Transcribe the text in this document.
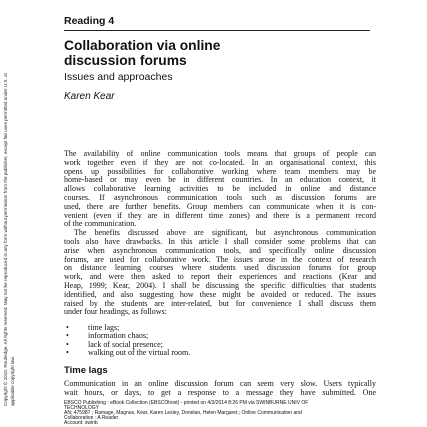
Copyright © 2010. Routledge. All rights reserved. May not be reproduced in any form without permission from the publisher, except fair uses permitted under U.S. or applicable copyright law.
Reading 4
Collaboration via online
discussion forums
Issues and approaches
Karen Kear
The availability of online communication tools means that groups of people can
work together even if they are not co-located. In an organisational context, this
opens up possibilities for collaborative working where team members may be
home-based or may even be in different countries. In an education context, it
allows collaborative learning activities to be included in online and distance
courses. If asynchronous communication tools such as discussion forums are
used, there are further benefits. Group members can communicate when it is con-
venient (even if they are in different time zones) and there is a permanent record
of the communication.
The benefits discussed above are significant, but asynchronous communication
tools also have drawbacks. In this article I shall consider some problems that can
arise when asynchronous communication tools, and specifically online discussion
forums, are used for collaborative work. The issues arose in the context of research
on distance learning courses where students used discussion forums for group
work, and were then asked to report their experiences and reactions (Kear and
Heap, 1999; Kear, 2004). I shall be discussing the specific difficulties that students
identified, and also suggesting how these might be avoided or reduced. The issues
raised by the students are inter-related, but for convenience I shall discuss them
under four headings, as follows:
•	time lags;
•	information chaos;
•	lack of social presence;
•	walking out of the virtual room.
Time lags
Communication in an online discussion forum can seem very slow. Users typically
wait hours, or days, to get a response to a message they have submitted. One
EBSCO Publishing : eBook Collection (EBSCOhost) - printed on 4/3/2014 8:26 PM via SWINBURNE UNIV OF
TECHNOLOGY
AN: 475987 ; Ramage, Magnus, Kear, Karen Lesley, Donelan, Helen Margaret.; Online Communication and
Collaboration : A Reader
Account: swinb
